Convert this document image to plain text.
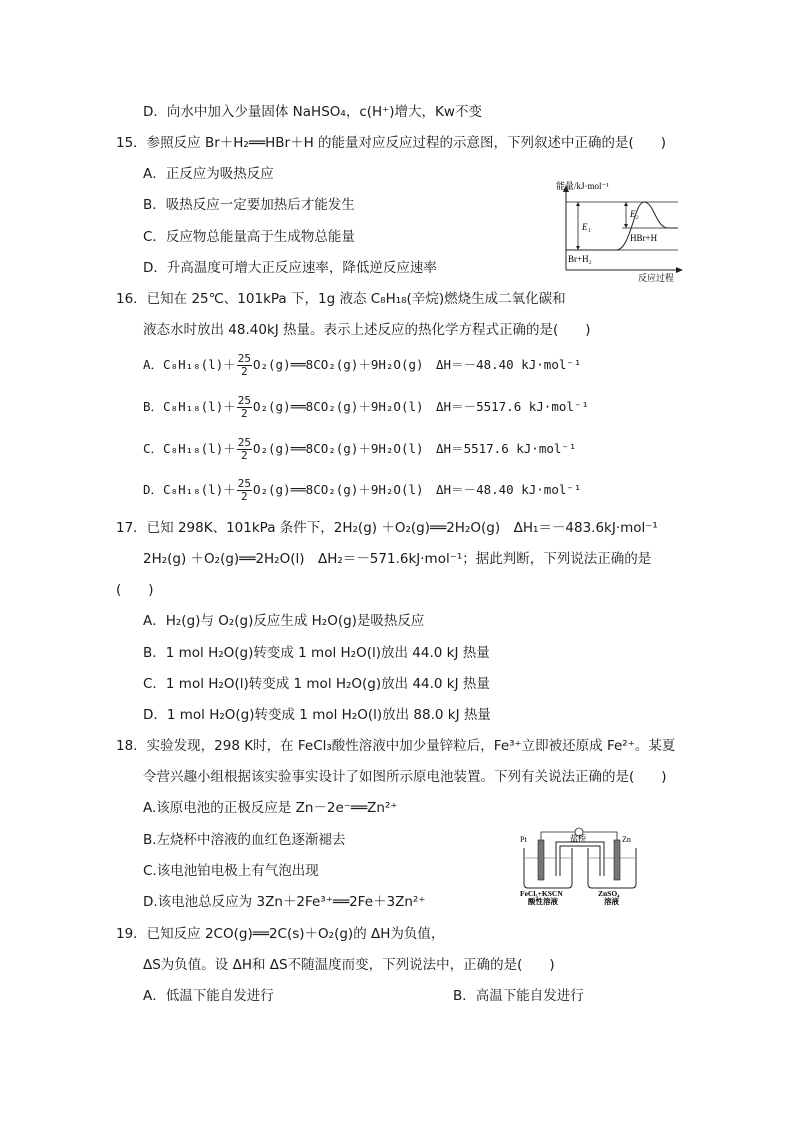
D．向水中加入少量固体 NaHSO₄，c(H⁺)增大，Kw不变
15．参照反应 Br＋H₂══HBr＋H 的能量对应反应过程的示意图，下列叙述中正确的是(　　)
A．正反应为吸热反应
B．吸热反应一定要加热后才能发生
C．反应物总能量高于生成物总能量
D．升高温度可增大正反应速率，降低逆反应速率
能量/kJ·mol⁻¹
E₁
E₂
HBr+H
Br+H₂
反应过程
16．已知在 25℃、101kPa 下，1g 液态 C₈H₁₈(辛烷)燃烧生成二氧化碳和
液态水时放出 48.40kJ 热量。表示上述反应的热化学方程式正确的是(　　)
A．$C_8H_{18}(l)+ \frac{25}{2}$ O₂(g)══8CO₂(g)＋9H₂O(g)　ΔH＝－48.40 kJ·mol⁻¹
B．$C_8H_{18}(l)+ \frac{25}{2}$ O₂(g)══8CO₂(g)＋9H₂O(l)　ΔH＝－5517.6 kJ·mol⁻¹
C．$C_8H_{18}(l)+ \frac{25}{2}$ O₂(g)══8CO₂(g)＋9H₂O(l)　ΔH＝5517.6 kJ·mol⁻¹
D．$C_8H_{18}(l)+ \frac{25}{2}$ O₂(g)══8CO₂(g)＋9H₂O(l)　ΔH＝－48.40 kJ·mol⁻¹
17．已知 298K、101kPa 条件下，2H₂(g) ＋O₂(g)══2H₂O(g)　ΔH₁＝－483.6kJ·mol⁻¹
2H₂(g) ＋O₂(g)══2H₂O(l)　ΔH₂＝－571.6kJ·mol⁻¹；据此判断，下列说法正确的是
(　　)
A．H₂(g)与 O₂(g)反应生成 H₂O(g)是吸热反应
B．1 mol H₂O(g)转变成 1 mol H₂O(l)放出 44.0 kJ 热量
C．1 mol H₂O(l)转变成 1 mol H₂O(g)放出 44.0 kJ 热量
D．1 mol H₂O(g)转变成 1 mol H₂O(l)放出 88.0 kJ 热量
18．实验发现，298 K时，在 FeCl₃酸性溶液中加少量锌粒后，Fe³⁺立即被还原成 Fe²⁺。某夏
令营兴趣小组根据该实验事实设计了如图所示原电池装置。下列有关说法正确的是(　　)
A.该原电池的正极反应是 Zn－2e⁻══Zn²⁺
B.左烧杯中溶液的血红色逐渐褪去
C.该电池铂电极上有气泡出现
D.该电池总反应为 3Zn＋2Fe³⁺══2Fe＋3Zn²⁺
Pt	Zn
盐桥
FeCl₃+KSCN
酸性溶液
ZnSO₄
溶液
19．已知反应 2CO(g)══2C(s)＋O₂(g)的 ΔH为负值，
ΔS为负值。设 ΔH和 ΔS不随温度而变，下列说法中，正确的是(　　)
A．低温下能自发进行	B．高温下能自发进行
